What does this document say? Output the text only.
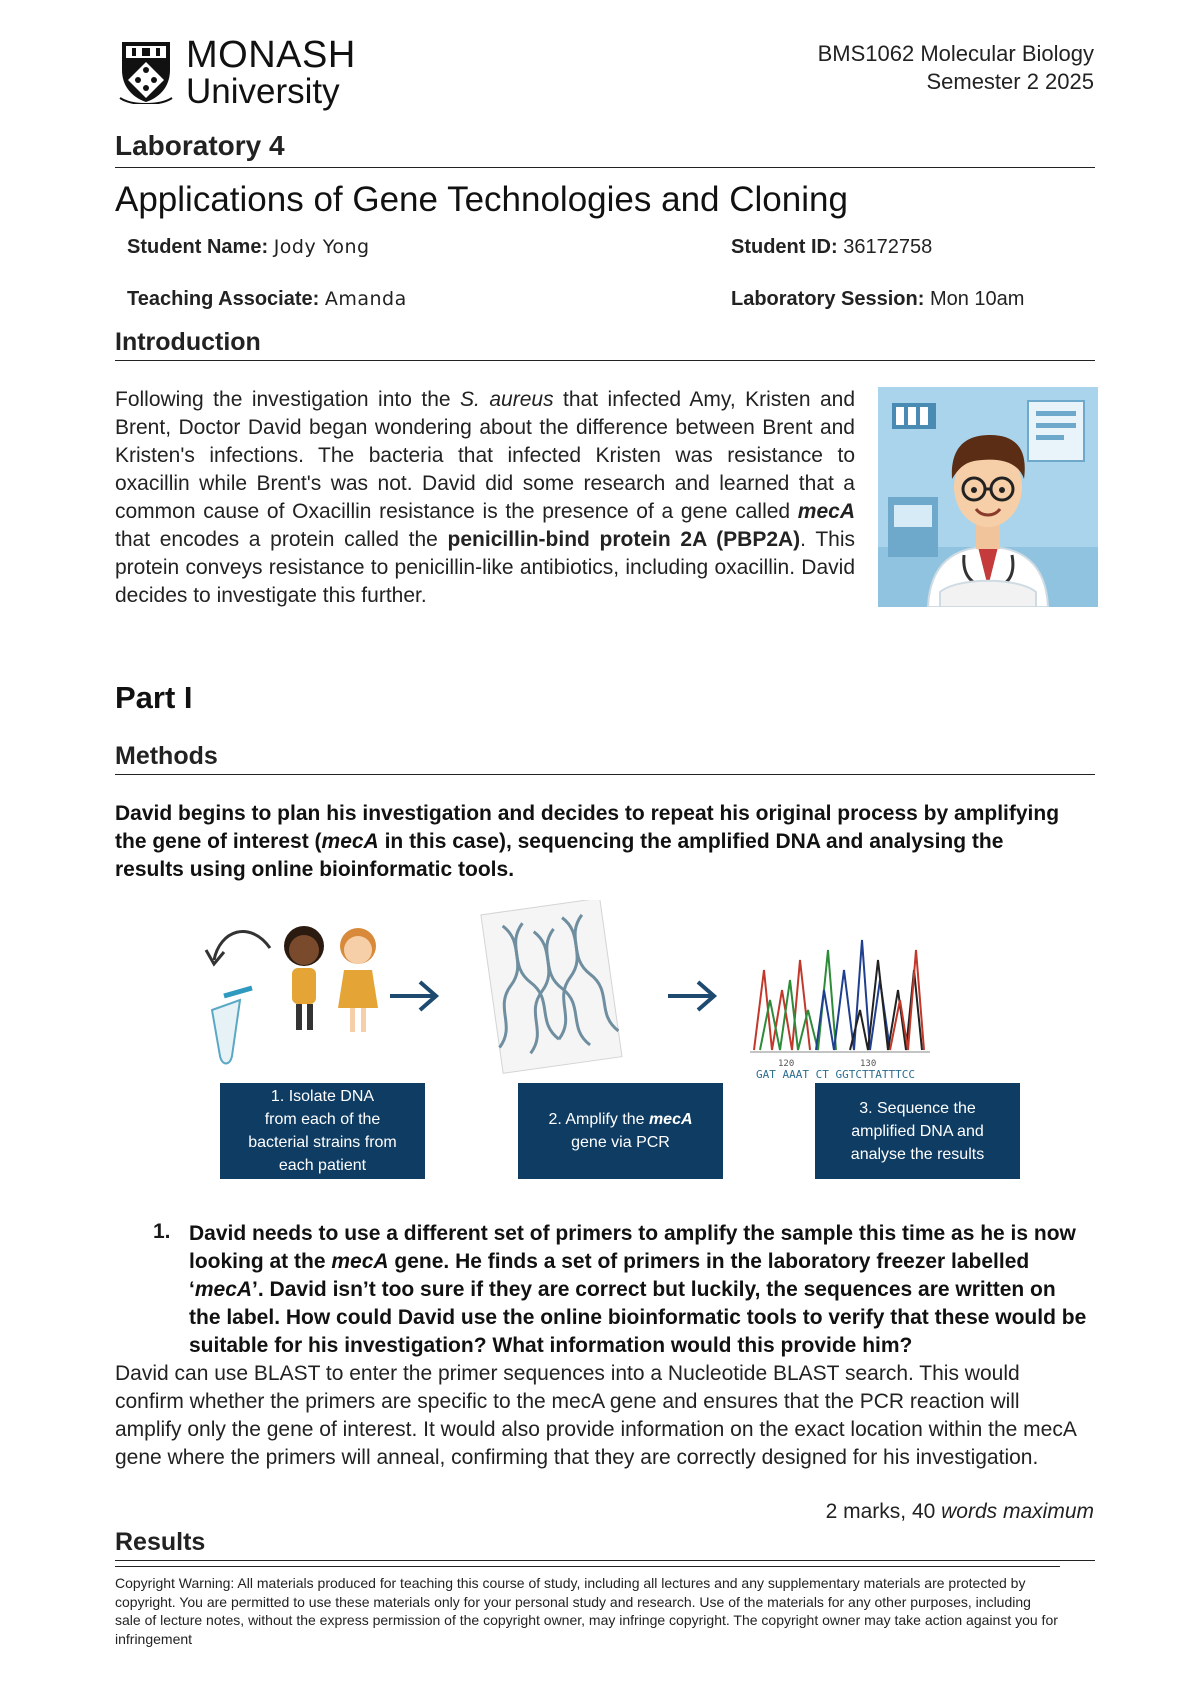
MONASH
University
BMS1062 Molecular Biology
Semester 2 2025
Laboratory 4
Applications of Gene Technologies and Cloning
Student Name: Jody Yong	Student ID: 36172758
Teaching Associate: Amanda	Laboratory Session: Mon 10am
Introduction
Following the investigation into the S. aureus that infected Amy, Kristen and Brent, Doctor David began wondering about the difference between Brent and Kristen's infections. The bacteria that infected Kristen was resistance to oxacillin while Brent's was not. David did some research and learned that a common cause of Oxacillin resistance is the presence of a gene called mecA that encodes a protein called the penicillin-bind protein 2A (PBP2A). This protein conveys resistance to penicillin-like antibiotics, including oxacillin. David decides to investigate this further.
Part I
Methods
David begins to plan his investigation and decides to repeat his original process by amplifying the gene of interest (mecA in this case), sequencing the amplified DNA and analysing the results using online bioinformatic tools.
120	130
GAT AAAT CT GGTCTTATTTCC
1. Isolate DNA
from each of the
bacterial strains from
each patient
2. Amplify the mecA
gene via PCR
3. Sequence the
amplified DNA and
analyse the results
1. David needs to use a different set of primers to amplify the sample this time as he is now looking at the mecA gene. He finds a set of primers in the laboratory freezer labelled ‘mecA’. David isn’t too sure if they are correct but luckily, the sequences are written on the label. How could David use the online bioinformatic tools to verify that these would be suitable for his investigation? What information would this provide him?
David can use BLAST to enter the primer sequences into a Nucleotide BLAST search. This would confirm whether the primers are specific to the mecA gene and ensures that the PCR reaction will amplify only the gene of interest. It would also provide information on the exact location within the mecA gene where the primers will anneal, confirming that they are correctly designed for his investigation.
2 marks, 40 words maximum
Results
Copyright Warning: All materials produced for teaching this course of study, including all lectures and any supplementary materials are protected by copyright. You are permitted to use these materials only for your personal study and research. Use of the materials for any other purposes, including sale of lecture notes, without the express permission of the copyright owner, may infringe copyright. The copyright owner may take action against you for infringement
